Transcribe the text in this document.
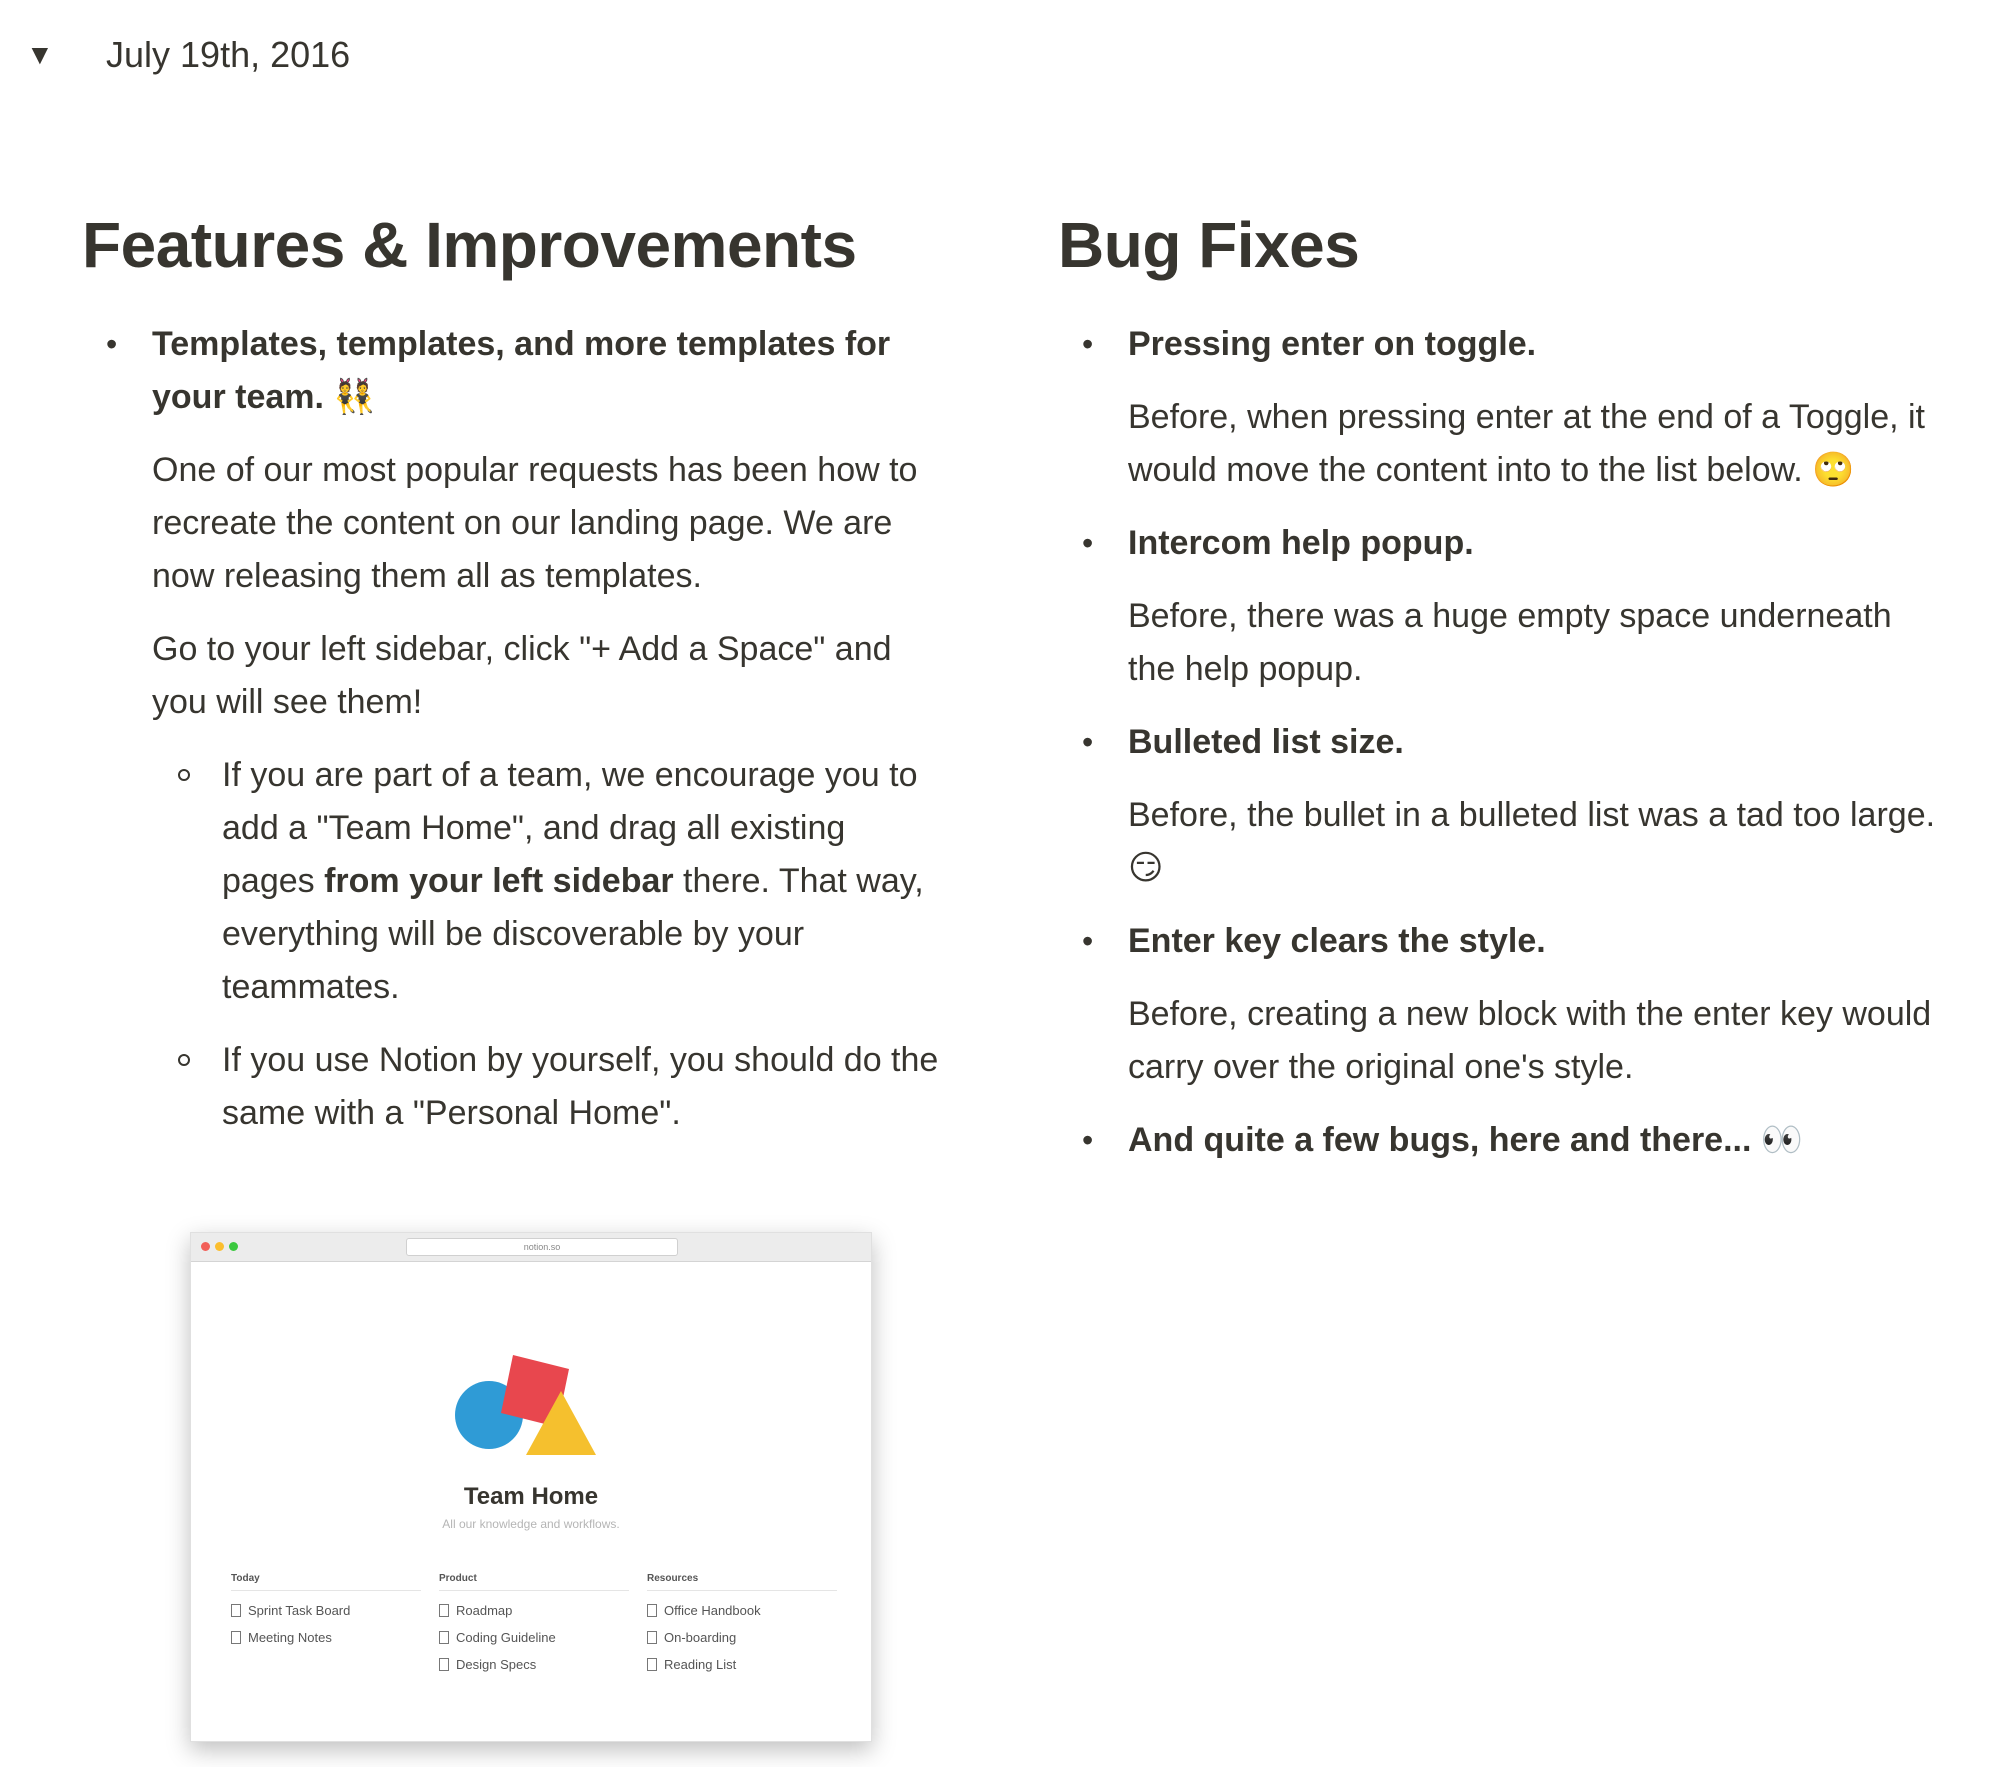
▼	July 19th, 2016
Features & Improvements
• Templates, templates, and more templates for your team. 👯
One of our most popular requests has been how to recreate the content on our landing page. We are now releasing them all as templates.
Go to your left sidebar, click "+ Add a Space" and you will see them!
If you are part of a team, we encourage you to add a "Team Home", and drag all existing pages from your left sidebar there. That way, everything will be discoverable by your teammates.
If you use Notion by yourself, you should do the same with a "Personal Home".
notion.so
Team Home
All our knowledge and workflows.
Today
Sprint Task Board
Meeting Notes
Product
Roadmap
Coding Guideline
Design Specs
Resources
Office Handbook
On-boarding
Reading List
Bug Fixes
• Pressing enter on toggle.
Before, when pressing enter at the end of a Toggle, it would move the content into to the list below. 🙄
• Intercom help popup.
Before, there was a huge empty space underneath the help popup.
• Bulleted list size.
Before, the bullet in a bulleted list was a tad too large. 😏
• Enter key clears the style.
Before, creating a new block with the enter key would carry over the original one's style.
• And quite a few bugs, here and there... 👀
